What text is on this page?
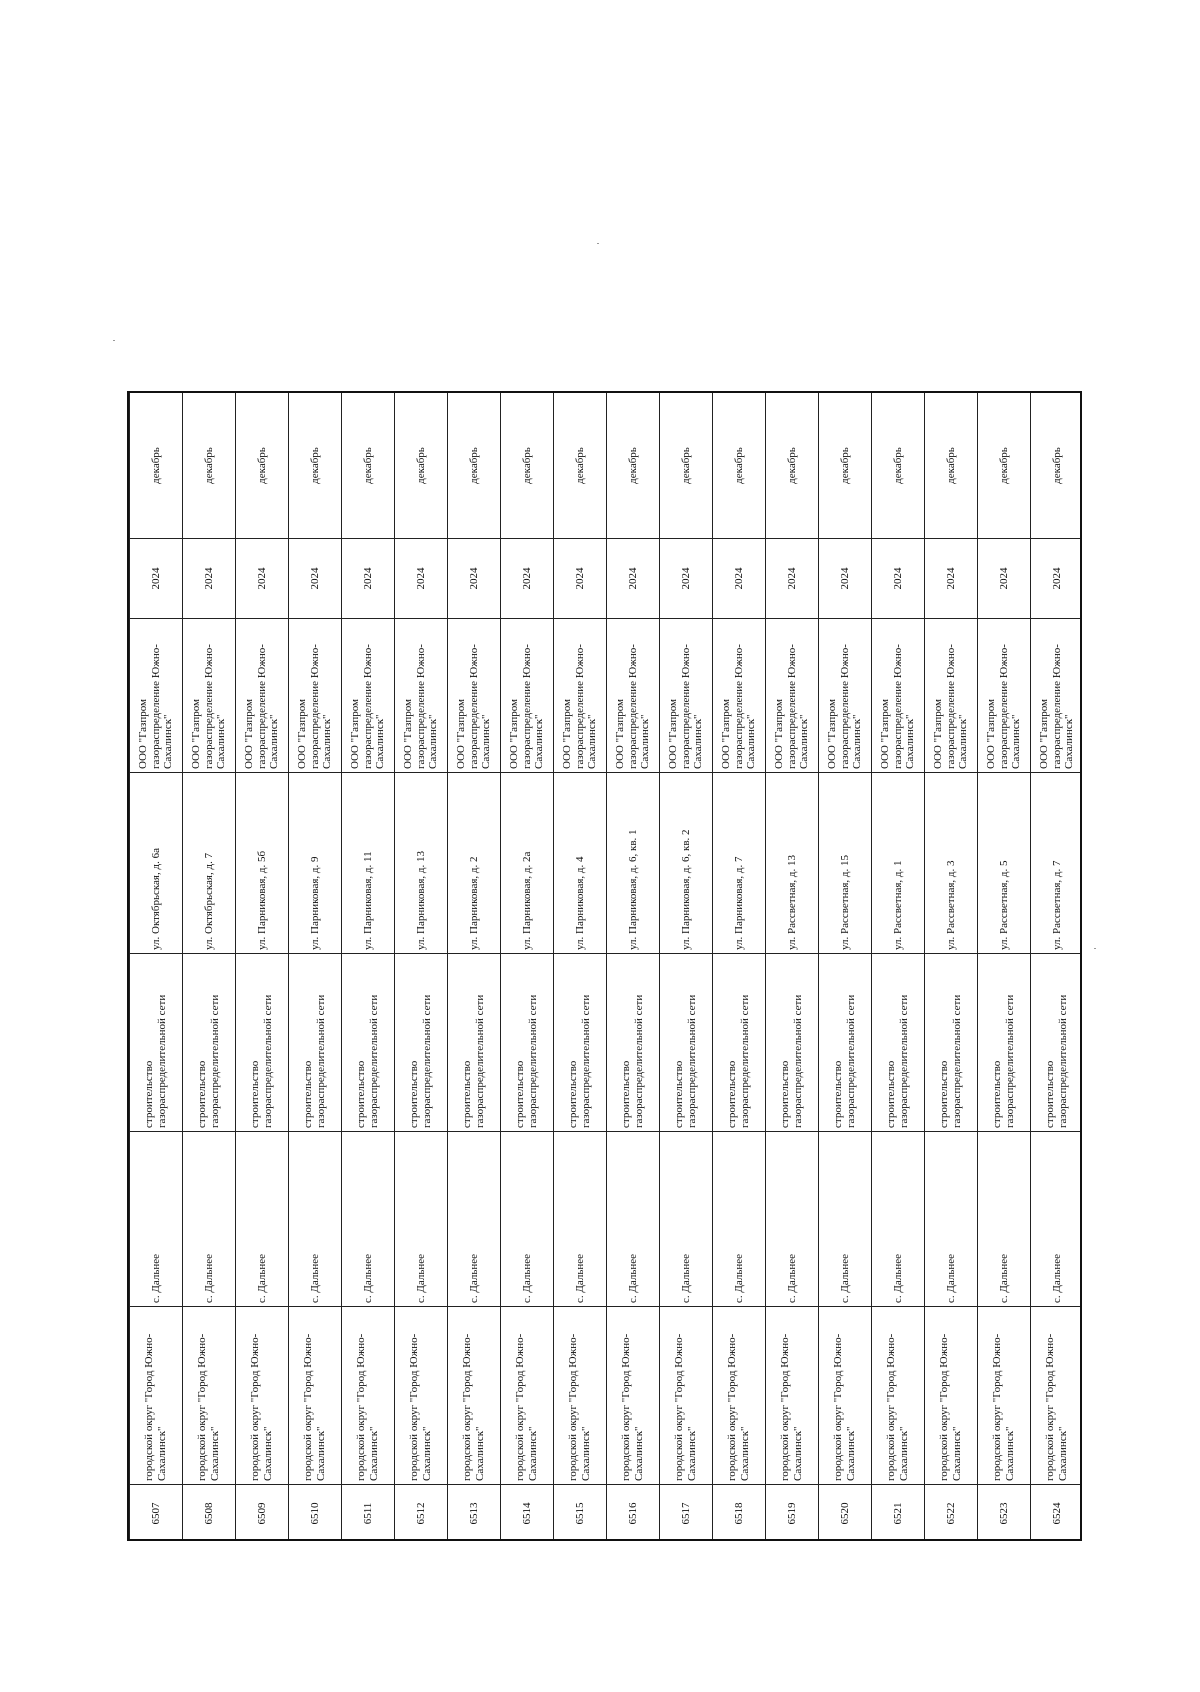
6507	городской округ "Город Южно-Сахалинск"	с. Дальнее	строительство газораспределительной сети	ул. Октябрьская, д. 6а	ООО "Газпром газораспределение Южно-Сахалинск"	2024	декабрь
6508	городской округ "Город Южно-Сахалинск"	с. Дальнее	строительство газораспределительной сети	ул. Октябрьская, д. 7	ООО "Газпром газораспределение Южно-Сахалинск"	2024	декабрь
6509	городской округ "Город Южно-Сахалинск"	с. Дальнее	строительство газораспределительной сети	ул. Парниковая, д. 5б	ООО "Газпром газораспределение Южно-Сахалинск"	2024	декабрь
6510	городской округ "Город Южно-Сахалинск"	с. Дальнее	строительство газораспределительной сети	ул. Парниковая, д. 9	ООО "Газпром газораспределение Южно-Сахалинск"	2024	декабрь
6511	городской округ "Город Южно-Сахалинск"	с. Дальнее	строительство газораспределительной сети	ул. Парниковая, д. 11	ООО "Газпром газораспределение Южно-Сахалинск"	2024	декабрь
6512	городской округ "Город Южно-Сахалинск"	с. Дальнее	строительство газораспределительной сети	ул. Парниковая, д. 13	ООО "Газпром газораспределение Южно-Сахалинск"	2024	декабрь
6513	городской округ "Город Южно-Сахалинск"	с. Дальнее	строительство газораспределительной сети	ул. Парниковая, д. 2	ООО "Газпром газораспределение Южно-Сахалинск"	2024	декабрь
6514	городской округ "Город Южно-Сахалинск"	с. Дальнее	строительство газораспределительной сети	ул. Парниковая, д. 2а	ООО "Газпром газораспределение Южно-Сахалинск"	2024	декабрь
6515	городской округ "Город Южно-Сахалинск"	с. Дальнее	строительство газораспределительной сети	ул. Парниковая, д. 4	ООО "Газпром газораспределение Южно-Сахалинск"	2024	декабрь
6516	городской округ "Город Южно-Сахалинск"	с. Дальнее	строительство газораспределительной сети	ул. Парниковая, д. 6, кв. 1	ООО "Газпром газораспределение Южно-Сахалинск"	2024	декабрь
6517	городской округ "Город Южно-Сахалинск"	с. Дальнее	строительство газораспределительной сети	ул. Парниковая, д. 6, кв. 2	ООО "Газпром газораспределение Южно-Сахалинск"	2024	декабрь
6518	городской округ "Город Южно-Сахалинск"	с. Дальнее	строительство газораспределительной сети	ул. Парниковая, д. 7	ООО "Газпром газораспределение Южно-Сахалинск"	2024	декабрь
6519	городской округ "Город Южно-Сахалинск"	с. Дальнее	строительство газораспределительной сети	ул. Рассветная, д. 13	ООО "Газпром газораспределение Южно-Сахалинск"	2024	декабрь
6520	городской округ "Город Южно-Сахалинск"	с. Дальнее	строительство газораспределительной сети	ул. Рассветная, д. 15	ООО "Газпром газораспределение Южно-Сахалинск"	2024	декабрь
6521	городской округ "Город Южно-Сахалинск"	с. Дальнее	строительство газораспределительной сети	ул. Рассветная, д. 1	ООО "Газпром газораспределение Южно-Сахалинск"	2024	декабрь
6522	городской округ "Город Южно-Сахалинск"	с. Дальнее	строительство газораспределительной сети	ул. Рассветная, д. 3	ООО "Газпром газораспределение Южно-Сахалинск"	2024	декабрь
6523	городской округ "Город Южно-Сахалинск"	с. Дальнее	строительство газораспределительной сети	ул. Рассветная, д. 5	ООО "Газпром газораспределение Южно-Сахалинск"	2024	декабрь
6524	городской округ "Город Южно-Сахалинск"	с. Дальнее	строительство газораспределительной сети	ул. Рассветная, д. 7	ООО "Газпром газораспределение Южно-Сахалинск"	2024	декабрь
